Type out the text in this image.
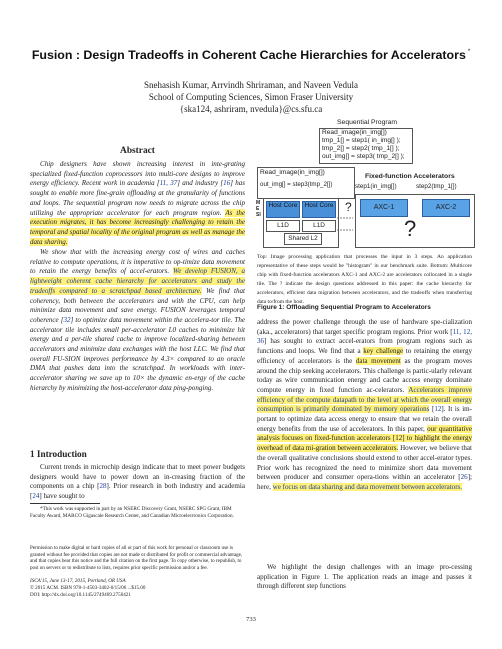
Fusion : Design Tradeoffs in Coherent Cache Hierarchies for Accelerators *
Snehasish Kumar, Arrvindh Shriraman, and Naveen Vedula
School of Computing Sciences, Simon Fraser University
{ska124, ashriram, nvedula}@cs.sfu.ca
Abstract
Chip designers have shown increasing interest in inte-grating specialized fixed-function coprocessors into multi-core designs to improve energy efficiency. Recent work in academia [11, 37] and industry [16] has sought to enable more fine-grain offloading at the granularity of functions and loops. The sequential program now needs to migrate across the chip utilizing the appropriate accelerator for each program region. As the execution migrates, it has become increasingly challenging to retain the temporal and spatial locality of the original program as well as manage the data sharing.
We show that with the increasing energy cost of wires and caches relative to compute operations, it is imperative to op-timize data movement to retain the energy benefits of accel-erators. We develop FUSION, a lightweight coherent cache hierarchy for accelerators and study the tradeoffs compared to a scratchpad based architecture. We find that coherency, both between the accelerators and with the CPU, can help minimize data movement and save energy. FUSION leverages temporal coherence [32] to optimize data movement within the accelera-tor tile. The accelerator tile includes small per-accelerator L0 caches to minimize hit energy and a per-tile shared cache to improve localized-sharing between accelerators and minimize data exchanges with the host LLC. We find that overall FU-SION improves performance by 4.3× compared to an oracle DMA that pushes data into the scratchpad. In workloads with inter-accelerator sharing we save up to 10× the dynamic en-ergy of the cache hierarchy by minimizing the host-accelerator data ping-ponging.
1 Introduction
Current trends in microchip design indicate that to meet power budgets designers would have to power down an in-creasing fraction of the components on a chip [28]. Prior research in both industry and academia [24] have sought to
*This work was supported in part by an NSERC Discovery Grant, NSERC SPG Grant, IBM Faculty Award, MARCO Gigascale Research Center, and Canadian Microelectronics Corporation.
Permission to make digital or hard copies of all or part of this work for personal or classroom use is granted without fee provided that copies are not made or distributed for profit or commercial advantage, and that copies bear this notice and the full citation on the first page. To copy otherwise, to republish, to post on servers or to redistribute to lists, requires prior specific permission and/or a fee.
ISCA'15, June 13-17, 2015, Portland, OR USA
© 2015 ACM. ISBN 978-1-4503-3402-0/15/06 ...$15.00
DOI: http://dx.doi.org/10.1145/2749469.2750421
Sequential Program
Read_image(in_img[])
tmp_1[] = step1( in_img[] );
tmp_2[] = step2( tmp_1[] );
out_img[] = step3( tmp_2[] );
Read_image(in_img[])
out_img[] = step3(tmp_2[])
Fixed-function Accelerators
step1(in_img[])	step2(tmp_1[])
MESI
Host Core	Host Core
L1D	L1D
Shared L2
?	AXC-1	AXC-2
?
Top: Image processing application that processes the input in 3 steps. An application representative of these steps would be "histogram" in our benchmark suite. Bottom: Multicore chip with fixed-function accelerators AXC-1 and AXC-2 are accelerators collocated in a single tile. The ? indicate the design questions addressed in this paper: the cache hierarchy for accelerators, efficient data migration between accelerators, and the tradeoffs when transferring data to/from the host.
Figure 1: Offloading Sequential Program to Accelerators
address the power challenge through the use of hardware spe-cialization (aka., accelerators) that target specific program regions. Prior work [11, 12, 36] has sought to extract accel-erators from program regions such as functions and loops. We find that a key challenge to retaining the energy efficiency of accelerators is the data movement as the program moves around the chip seeking accelerators. This challenge is partic-ularly relevant today as wire communication energy and cache access energy dominate compute energy in fixed function ac-celerators. Accelerators improve efficiency of the compute datapath to the level at which the overall energy consumption is primarily dominated by memory operations [12]. It is im-portant to optimize data access energy to ensure that we retain the overall energy benefits from the use of accelerators. In this paper, our quantitative analysis focuses on fixed-function accelerators [12] to highlight the energy overhead of data mi-gration between accelerators. However, we believe that the overall qualitative conclusions should extend to other accel-erator types. Prior work has recognized the need to minimize short data movement between producer and consumer opera-tions within an accelerator [26]; here, we focus on data sharing and data movement between accelerators.
We highlight the design challenges with an image pro-cessing application in Figure 1. The application reads an image and passes it through different step functions
733
